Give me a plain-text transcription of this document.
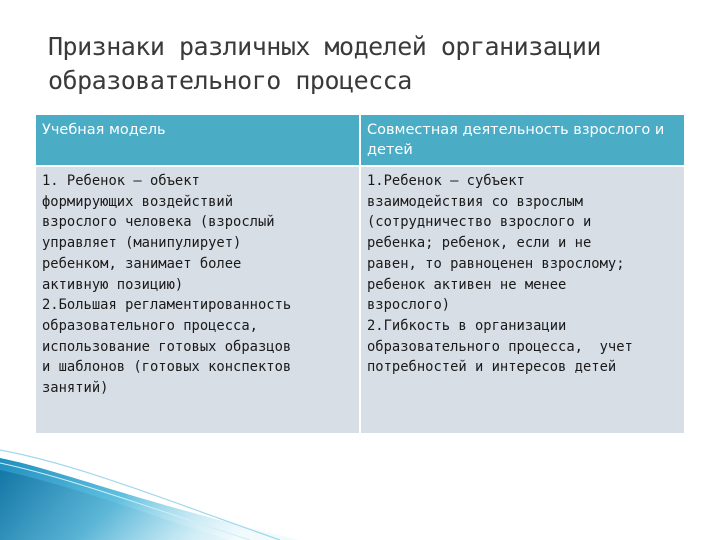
Признаки различных моделей организации
образовательного процесса
Учебная модель	Совместная деятельность взрослого и детей
1. Ребенок – объект
формирующих воздействий
взрослого человека (взрослый
управляет (манипулирует)
ребенком, занимает более
активную позицию)
2.Большая регламентированность
образовательного процесса,
использование готовых образцов
и шаблонов (готовых конспектов
занятий)
1.Ребенок – субъект
взаимодействия со взрослым
(сотрудничество взрослого и
ребенка; ребенок, если и не
равен, то равноценен взрослому;
ребенок активен не менее
взрослого)
2.Гибкость в организации
образовательного процесса,  учет
потребностей и интересов детей
